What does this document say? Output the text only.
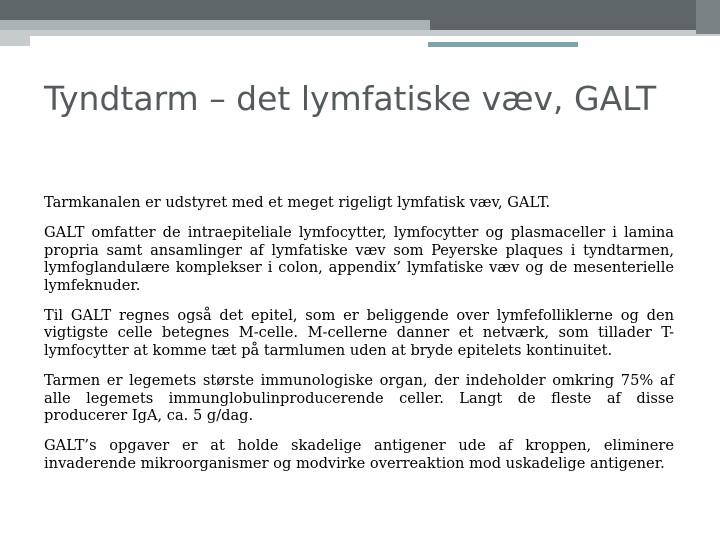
Tyndtarm – det lymfatiske væv, GALT

Tarmkanalen er udstyret med et meget rigeligt lymfatisk væv, GALT.

GALT omfatter de intraepiteliale lymfocytter, lymfocytter og plasmaceller i lamina propria samt ansamlinger af lymfatiske væv som Peyerske plaques i tyndtarmen, lymfoglandulære komplekser i colon, appendix’ lymfatiske væv og de mesenterielle lymfeknuder.

Til GALT regnes også det epitel, som er beliggende over lymfefolliklerne og den vigtigste celle betegnes M-celle. M-cellerne danner et netværk, som tillader T-lymfocytter at komme tæt på tarmlumen uden at bryde epitelets kontinuitet.

Tarmen er legemets største immunologiske organ, der indeholder omkring 75% af alle legemets immunglobulinproducerende celler. Langt de fleste af disse producerer IgA, ca. 5 g/dag.

GALT’s opgaver er at holde skadelige antigener ude af kroppen, eliminere invaderende mikroorganismer og modvirke overreaktion mod uskadelige antigener.
